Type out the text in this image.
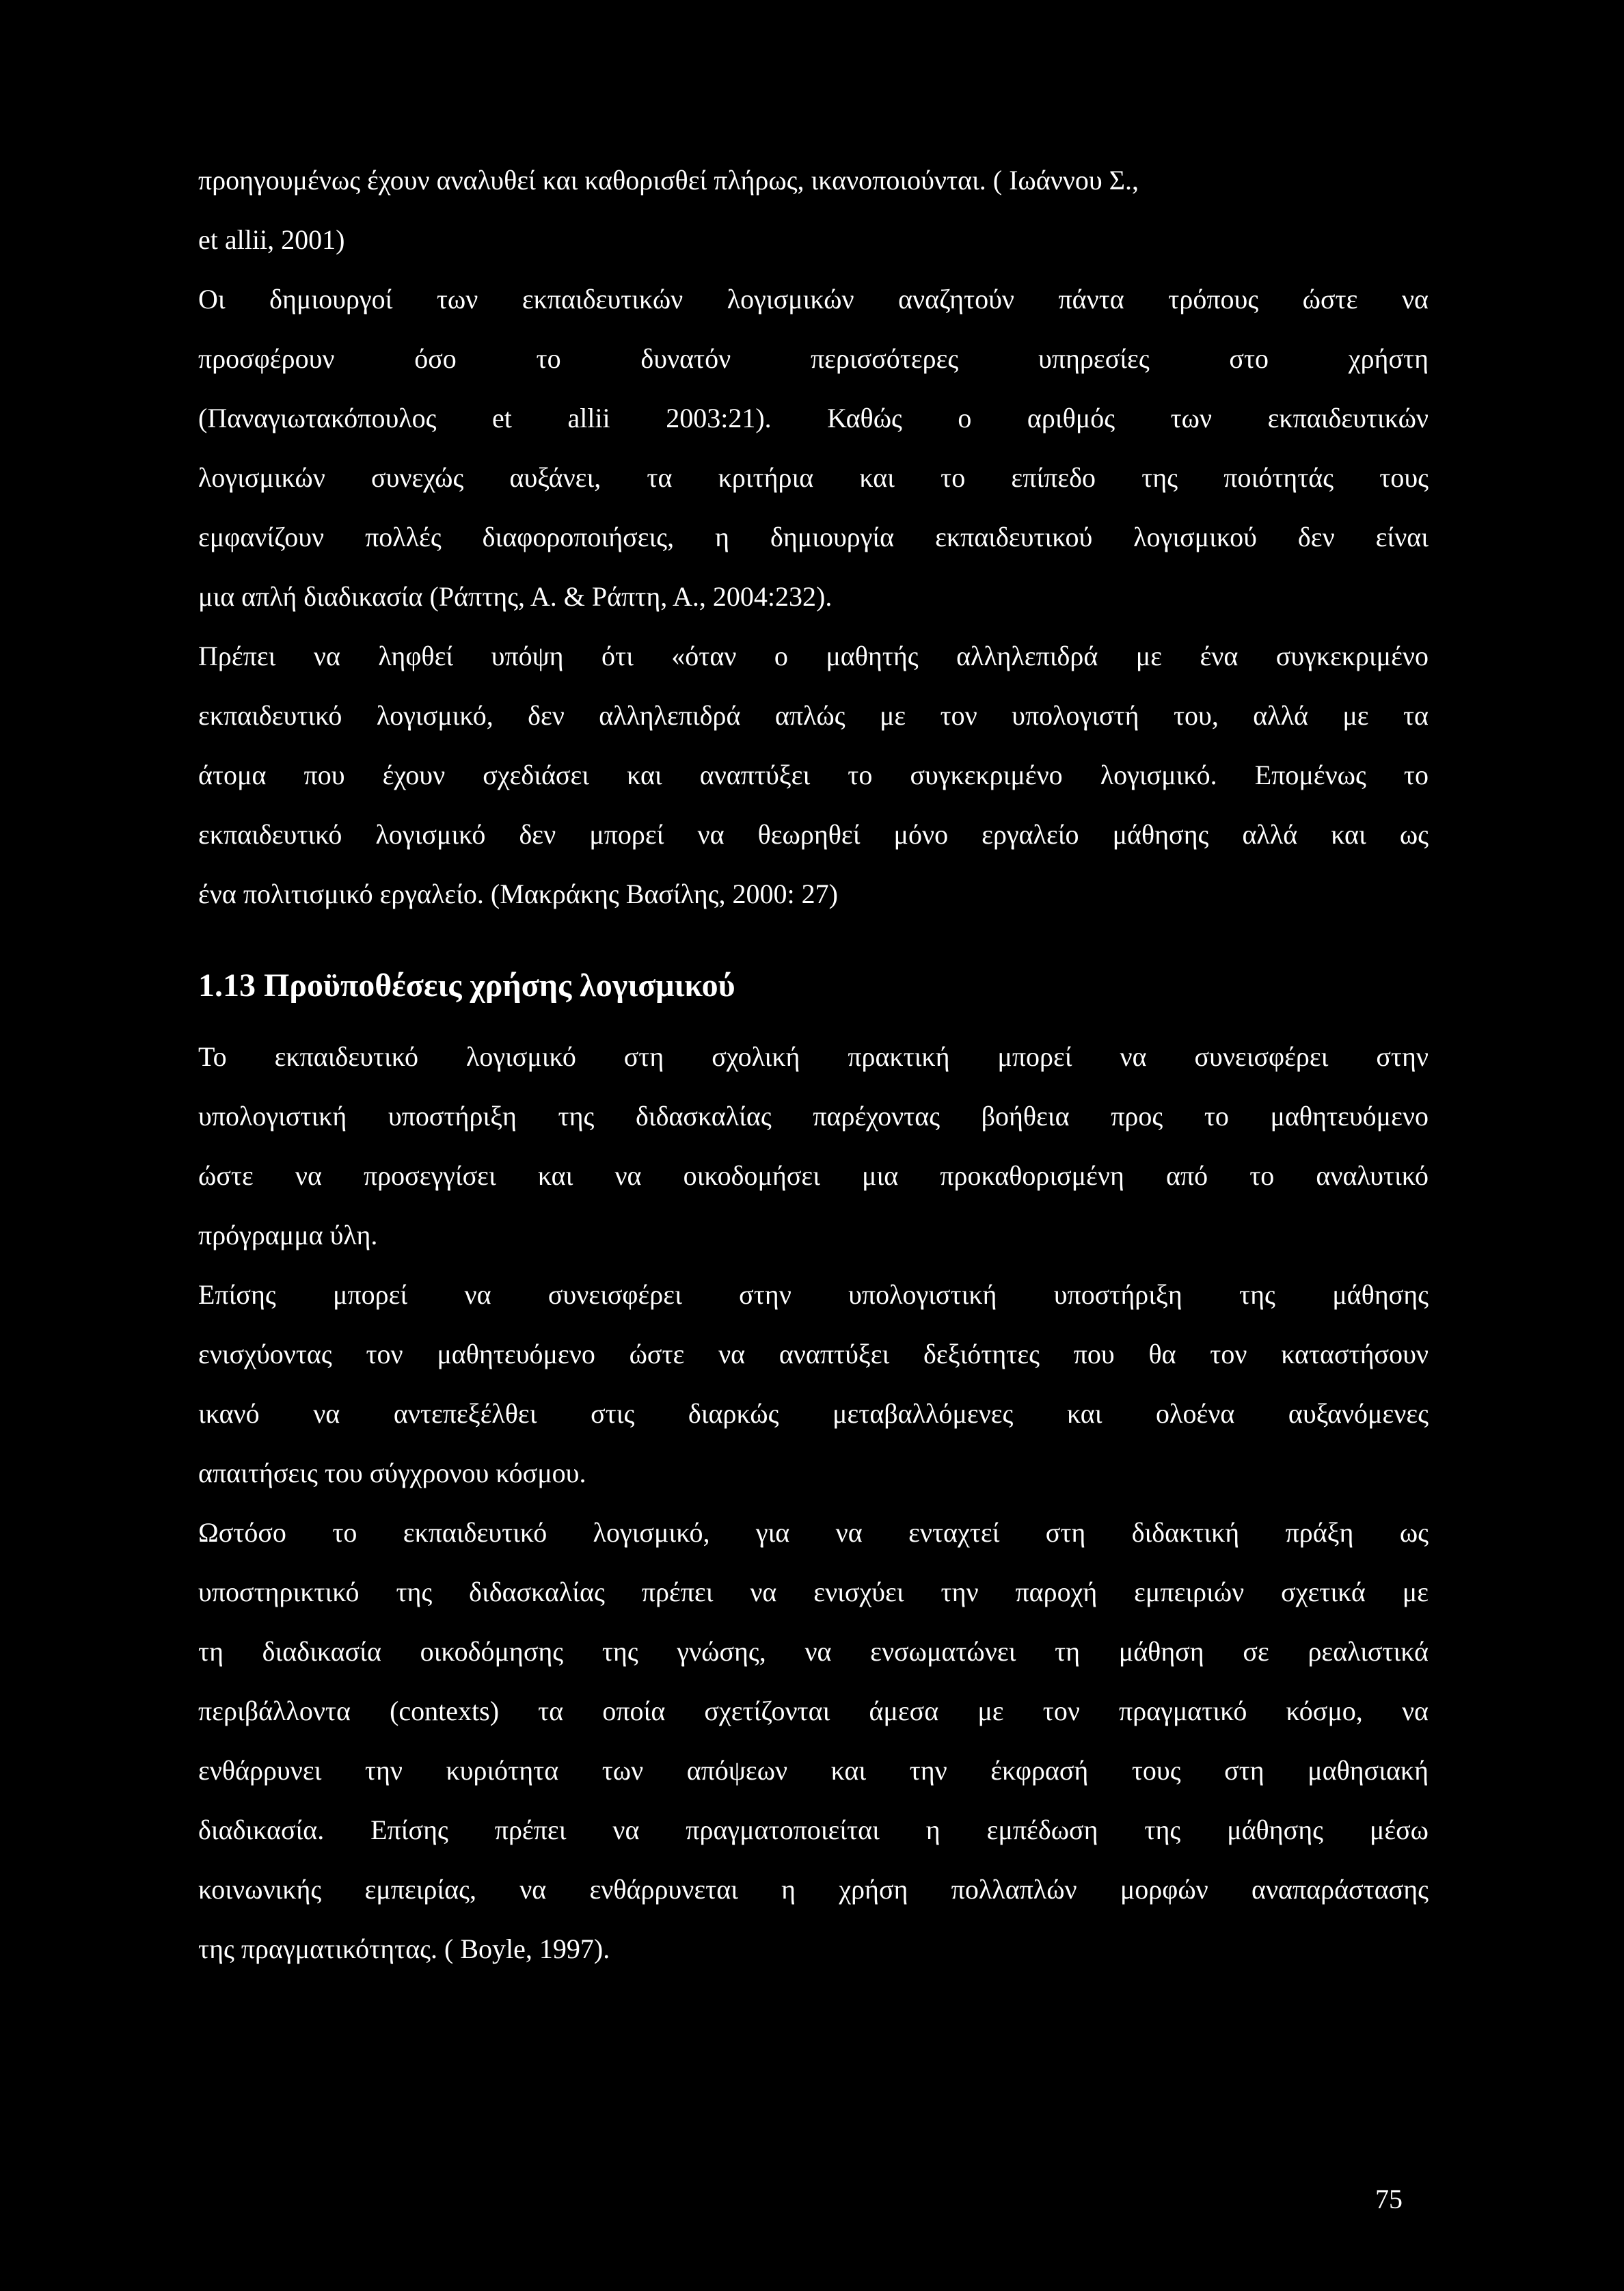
προηγουμένως έχουν αναλυθεί και καθορισθεί πλήρως, ικανοποιούνται. ( Ιωάννου Σ.,

et allii, 2001)

Οι δημιουργοί των εκπαιδευτικών λογισμικών αναζητούν πάντα τρόπους ώστε να

προσφέρουν όσο το δυνατόν περισσότερες υπηρεσίες στο χρήστη

(Παναγιωτακόπουλος et allii 2003:21). Καθώς ο αριθμός των εκπαιδευτικών

λογισμικών συνεχώς αυξάνει, τα κριτήρια και το επίπεδο της ποιότητάς τους

εμφανίζουν πολλές διαφοροποιήσεις, η δημιουργία εκπαιδευτικού λογισμικού δεν είναι

μια απλή διαδικασία (Ράπτης, Α. & Ράπτη, Α., 2004:232).

Πρέπει να ληφθεί υπόψη ότι «όταν ο μαθητής αλληλεπιδρά με ένα συγκεκριμένο

εκπαιδευτικό λογισμικό, δεν αλληλεπιδρά απλώς με τον υπολογιστή του, αλλά με τα

άτομα που έχουν σχεδιάσει και αναπτύξει το συγκεκριμένο λογισμικό. Επομένως το

εκπαιδευτικό λογισμικό δεν μπορεί να θεωρηθεί μόνο εργαλείο μάθησης αλλά και ως

ένα πολιτισμικό εργαλείο. (Μακράκης Βασίλης, 2000: 27)

1.13 Προϋποθέσεις χρήσης λογισμικού

Το εκπαιδευτικό λογισμικό στη σχολική πρακτική μπορεί να συνεισφέρει στην

υπολογιστική υποστήριξη της διδασκαλίας παρέχοντας βοήθεια προς το μαθητευόμενο

ώστε να προσεγγίσει και να οικοδομήσει μια προκαθορισμένη από το αναλυτικό

πρόγραμμα ύλη.

Επίσης μπορεί να συνεισφέρει στην υπολογιστική υποστήριξη της μάθησης

ενισχύοντας τον μαθητευόμενο ώστε να αναπτύξει δεξιότητες που θα τον καταστήσουν

ικανό να αντεπεξέλθει στις διαρκώς μεταβαλλόμενες και ολοένα αυξανόμενες

απαιτήσεις του σύγχρονου κόσμου.

Ωστόσο το εκπαιδευτικό λογισμικό, για να ενταχτεί στη διδακτική πράξη ως

υποστηρικτικό της διδασκαλίας πρέπει να ενισχύει την παροχή εμπειριών σχετικά με

τη διαδικασία οικοδόμησης της γνώσης, να ενσωματώνει τη μάθηση σε ρεαλιστικά

περιβάλλοντα (contexts) τα οποία σχετίζονται άμεσα με τον πραγματικό κόσμο, να

ενθάρρυνει την κυριότητα των απόψεων και την έκφρασή τους στη μαθησιακή

διαδικασία. Επίσης πρέπει να πραγματοποιείται η εμπέδωση της μάθησης μέσω

κοινωνικής εμπειρίας, να ενθάρρυνεται η χρήση πολλαπλών μορφών αναπαράστασης

της πραγματικότητας. ( Boyle, 1997).

75
